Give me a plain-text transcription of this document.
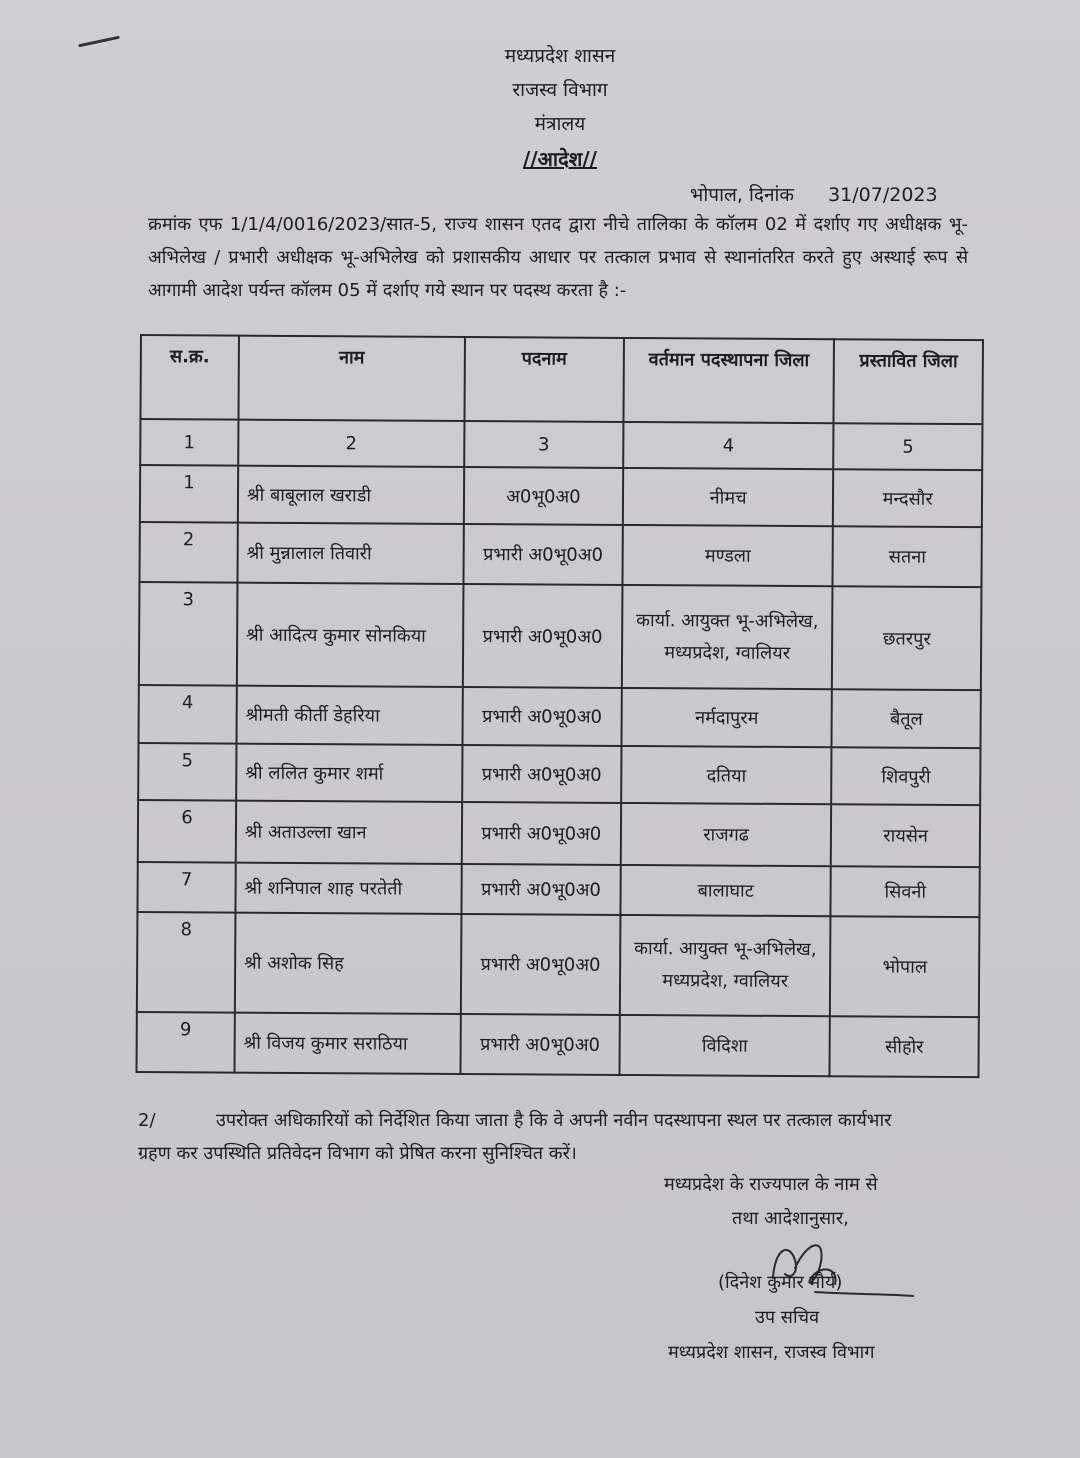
मध्यप्रदेश शासन
राजस्व विभाग
मंत्रालय
//आदेश//
भोपाल, दिनांक 31/07/2023
क्रमांक एफ 1/1/4/0016/2023/सात-5, राज्य शासन एतद द्वारा नीचे तालिका के कॉलम 02 में दर्शाए गए अधीक्षक भू-अभिलेख / प्रभारी अधीक्षक भू-अभिलेख को प्रशासकीय आधार पर तत्काल प्रभाव से स्थानांतरित करते हुए अस्थाई रूप से आगामी आदेश पर्यन्त कॉलम 05 में दर्शाए गये स्थान पर पदस्थ करता है :-
स.क्र.	नाम	पदनाम	वर्तमान पदस्थापना जिला	प्रस्तावित जिला
1	2	3	4	5
1	श्री बाबूलाल खराडी	अ0भू0अ0	नीमच	मन्दसौर
2	श्री मुन्नालाल तिवारी	प्रभारी अ0भू0अ0	मण्डला	सतना
3	श्री आदित्य कुमार सोनकिया	प्रभारी अ0भू0अ0	कार्या. आयुक्त भू-अभिलेख, मध्यप्रदेश, ग्वालियर	छतरपुर
4	श्रीमती कीर्ती डेहरिया	प्रभारी अ0भू0अ0	नर्मदापुरम	बैतूल
5	श्री ललित कुमार शर्मा	प्रभारी अ0भू0अ0	दतिया	शिवपुरी
6	श्री अताउल्ला खान	प्रभारी अ0भू0अ0	राजगढ	रायसेन
7	श्री शनिपाल शाह परतेती	प्रभारी अ0भू0अ0	बालाघाट	सिवनी
8	श्री अशोक सिह	प्रभारी अ0भू0अ0	कार्या. आयुक्त भू-अभिलेख, मध्यप्रदेश, ग्वालियर	भोपाल
9	श्री विजय कुमार सराठिया	प्रभारी अ0भू0अ0	विदिशा	सीहोर
2/	उपरोक्त अधिकारियों को निर्देशित किया जाता है कि वे अपनी नवीन पदस्थापना स्थल पर तत्काल कार्यभार ग्रहण कर उपस्थिति प्रतिवेदन विभाग को प्रेषित करना सुनिश्चित करें।
मध्यप्रदेश के राज्यपाल के नाम से
तथा आदेशानुसार,
(दिनेश कुमार मौर्य)
उप सचिव
मध्यप्रदेश शासन, राजस्व विभाग
